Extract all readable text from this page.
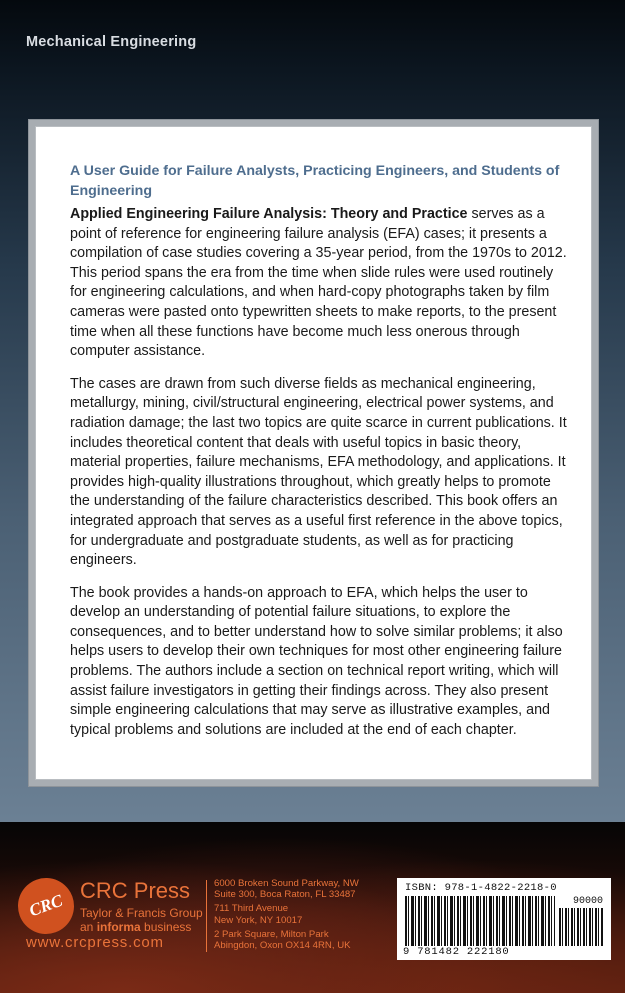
Mechanical Engineering
A User Guide for Failure Analysts, Practicing Engineers, and Students of Engineering

Applied Engineering Failure Analysis: Theory and Practice serves as a point of reference for engineering failure analysis (EFA) cases; it presents a compilation of case studies covering a 35-year period, from the 1970s to 2012. This period spans the era from the time when slide rules were used routinely for engineering calculations, and when hard-copy photographs taken by film cameras were pasted onto typewritten sheets to make reports, to the present time when all these functions have become much less onerous through computer assistance.

The cases are drawn from such diverse fields as mechanical engineering, metallurgy, mining, civil/structural engineering, electrical power systems, and radiation damage; the last two topics are quite scarce in current publications. It includes theoretical content that deals with useful topics in basic theory, material properties, failure mechanisms, EFA methodology, and applications. It provides high-quality illustrations throughout, which greatly helps to promote the understanding of the failure characteristics described. This book offers an integrated approach that serves as a useful first reference in the above topics, for undergraduate and postgraduate students, as well as for practicing engineers.

The book provides a hands-on approach to EFA, which helps the user to develop an understanding of potential failure situations, to explore the consequences, and to better understand how to solve similar problems; it also helps users to develop their own techniques for most other engineering failure problems. The authors include a section on technical report writing, which will assist failure investigators in getting their findings across. They also present simple engineering calculations that may serve as illustrative examples, and typical problems and solutions are included at the end of each chapter.

CRC
CRC Press
Taylor & Francis Group
an informa business
www.crcpress.com
6000 Broken Sound Parkway, NW
Suite 300, Boca Raton, FL 33487
711 Third Avenue
New York, NY 10017
2 Park Square, Milton Park
Abingdon, Oxon OX14 4RN, UK
ISBN: 978-1-4822-2218-0
90000
9 781482 222180
